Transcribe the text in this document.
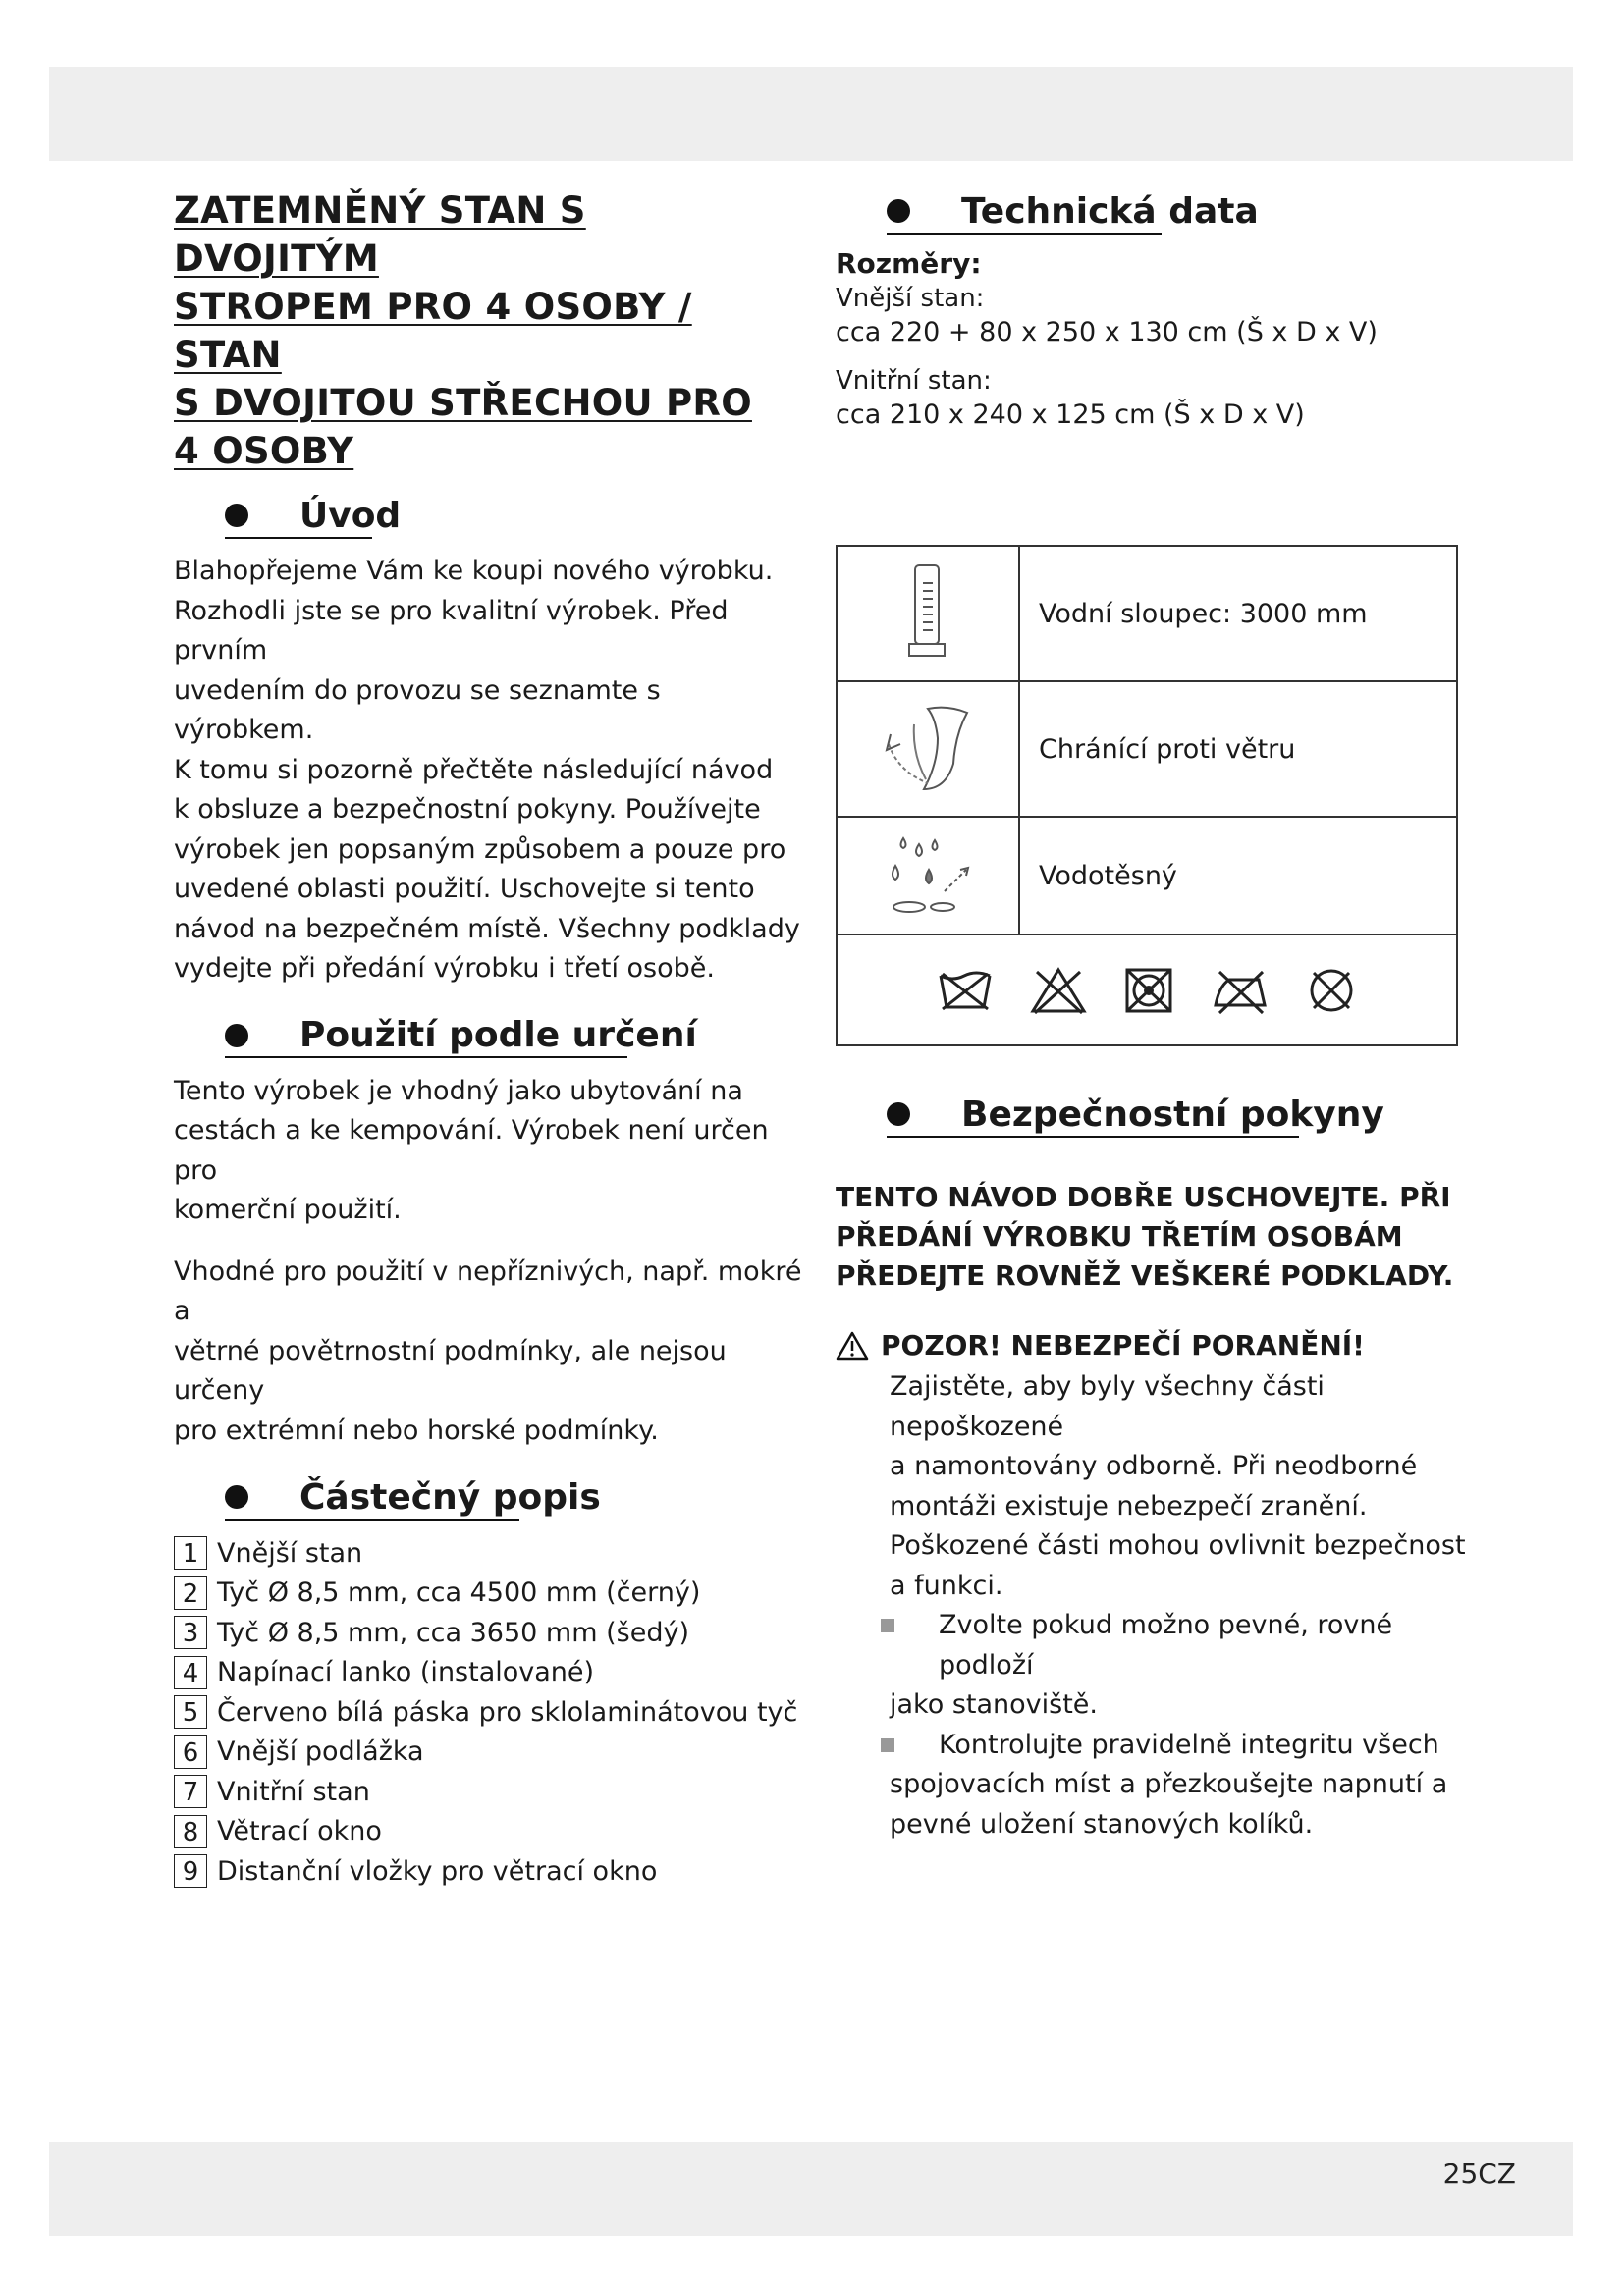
ZATEMNĚNÝ STAN S DVOJITÝM
STROPEM PRO 4 OSOBY / STAN
S DVOJITOU STŘECHOU PRO
4 OSOBY
Úvod
Blahopřejeme Vám ke koupi nového výrobku.
Rozhodli jste se pro kvalitní výrobek. Před prvním
uvedením do provozu se seznamte s výrobkem.
K tomu si pozorně přečtěte následující návod
k obsluze a bezpečnostní pokyny. Používejte
výrobek jen popsaným způsobem a pouze pro
uvedené oblasti použití. Uschovejte si tento
návod na bezpečném místě. Všechny podklady
vydejte při předání výrobku i třetí osobě.
Použití podle určení
Tento výrobek je vhodný jako ubytování na
cestách a ke kempování. Výrobek není určen pro
komerční použití.
Vhodné pro použití v nepříznivých, např. mokré a
větrné povětrnostní podmínky, ale nejsou určeny
pro extrémní nebo horské podmínky.
Částečný popis
1 Vnější stan
2 Tyč Ø 8,5 mm, cca 4500 mm (černý)
3 Tyč Ø 8,5 mm, cca 3650 mm (šedý)
4 Napínací lanko (instalované)
5 Červeno bílá páska pro sklolaminátovou tyč
6 Vnější podlážka
7 Vnitřní stan
8 Větrací okno
9 Distanční vložky pro větrací okno
Technická data
Rozměry:
Vnější stan:
cca 220 + 80 x 250 x 130 cm (Š x D x V)
Vnitřní stan:
cca 210 x 240 x 125 cm (Š x D x V)
Vodní sloupec: 3000 mm
Chránící proti větru
Vodotěsný
Bezpečnostní pokyny
TENTO NÁVOD DOBŘE USCHOVEJTE. PŘI
PŘEDÁNÍ VÝROBKU TŘETÍM OSOBÁM
PŘEDEJTE ROVNĚŽ VEŠKERÉ PODKLADY.
POZOR! NEBEZPEČÍ PORANĚNÍ!
Zajistěte, aby byly všechny části nepoškozené
a namontovány odborně. Při neodborné
montáži existuje nebezpečí zranění.
Poškozené části mohou ovlivnit bezpečnost
a funkci.
Zvolte pokud možno pevné, rovné podloží
jako stanoviště.
Kontrolujte pravidelně integritu všech
spojovacích míst a přezkoušejte napnutí a
pevné uložení stanových kolíků.
25CZ
